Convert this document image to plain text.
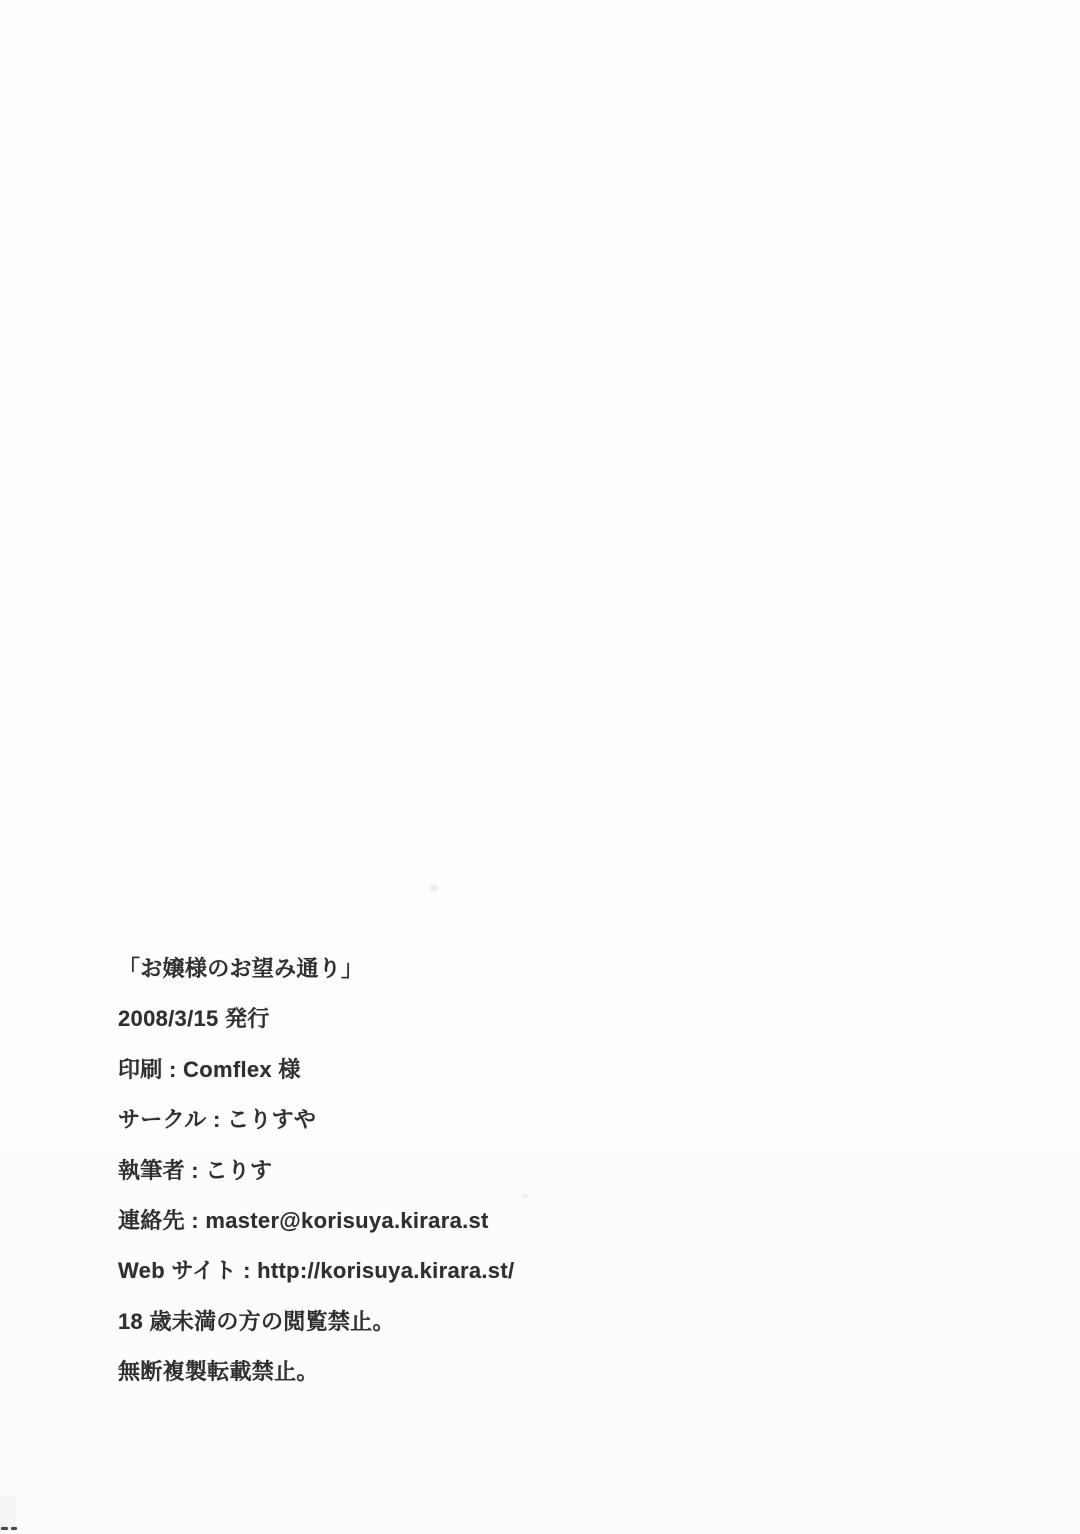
「お嬢様のお望み通り」

2008/3/15 発行

印刷 : Comflex 様

サークル : こりすや

執筆者 : こりす

連絡先 : master@korisuya.kirara.st

Web サイト : http://korisuya.kirara.st/

18 歳未満の方の閲覧禁止。

無断複製転載禁止。
